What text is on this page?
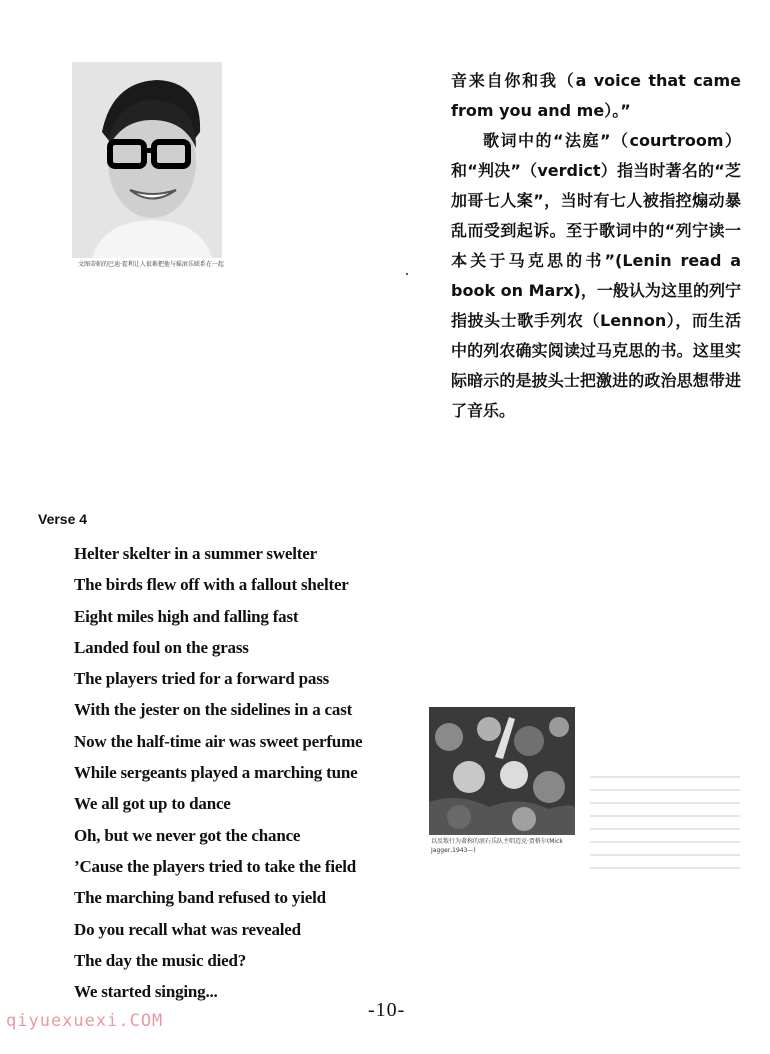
文图蒂帕的巴迪·霍利让人很难把他与摇滚乐联系在一起

音来自你和我（a voice that came from you and me）。”

歌词中的“法庭”（courtroom）和“判决”（verdict）指当时著名的“芝加哥七人案”，当时有七人被指控煽动暴乱而受到起诉。至于歌词中的“列宁读一本关于马克思的书”(Lenin read a book on Marx)，一般认为这里的列宁指披头士歌手列农（Lennon），而生活中的列农确实阅读过马克思的书。这里实际暗示的是披头士把激进的政治思想带进了音乐。

Verse 4
Helter skelter in a summer swelter
The birds flew off with a fallout shelter
Eight miles high and falling fast
Landed foul on the grass
The players tried for a forward pass
With the jester on the sidelines in a cast
Now the half-time air was sweet perfume
While sergeants played a marching tune
We all got up to dance
Oh, but we never got the chance
’Cause the players tried to take the field
The marching band refused to yield
Do you recall what was revealed
The day the music died?
We started singing...
以反叛行为著称的滚石乐队主唱迈克·贾格尔(Mick Jagger,1943—)
-10-
qiyuexuexi.COM
